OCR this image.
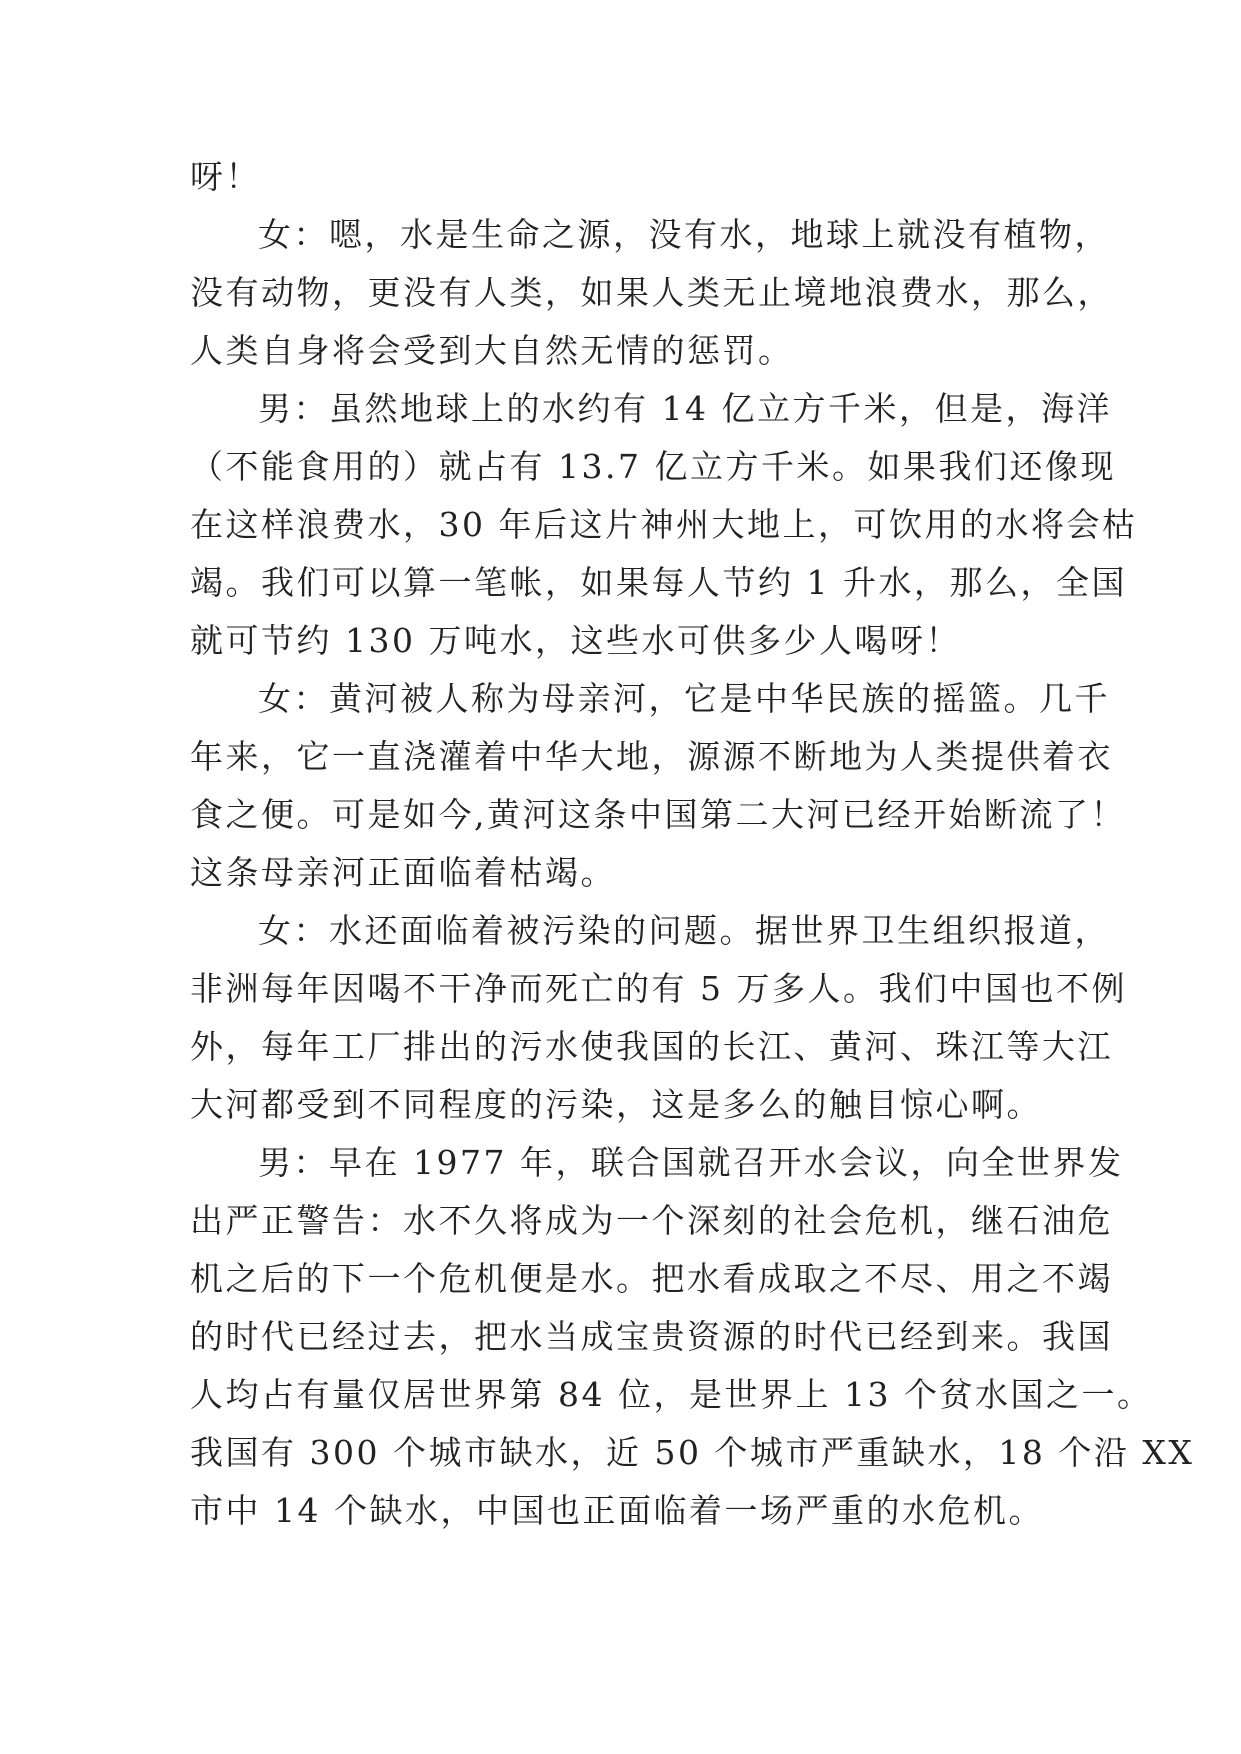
呀！
女：嗯，水是生命之源，没有水，地球上就没有植物，
没有动物，更没有人类，如果人类无止境地浪费水，那么，
人类自身将会受到大自然无情的惩罚。
男：虽然地球上的水约有 14 亿立方千米，但是，海洋
（不能食用的）就占有 13.7 亿立方千米。如果我们还像现
在这样浪费水，30 年后这片神州大地上，可饮用的水将会枯
竭。我们可以算一笔帐，如果每人节约 1 升水，那么，全国
就可节约 130 万吨水，这些水可供多少人喝呀！
女：黄河被人称为母亲河，它是中华民族的摇篮。几千
年来，它一直浇灌着中华大地，源源不断地为人类提供着衣
食之便。可是如今,黄河这条中国第二大河已经开始断流了！
这条母亲河正面临着枯竭。
女：水还面临着被污染的问题。据世界卫生组织报道，
非洲每年因喝不干净而死亡的有 5 万多人。我们中国也不例
外，每年工厂排出的污水使我国的长江、黄河、珠江等大江
大河都受到不同程度的污染，这是多么的触目惊心啊。
男：早在 1977 年，联合国就召开水会议，向全世界发
出严正警告：水不久将成为一个深刻的社会危机，继石油危
机之后的下一个危机便是水。把水看成取之不尽、用之不竭
的时代已经过去，把水当成宝贵资源的时代已经到来。我国
人均占有量仅居世界第 84 位，是世界上 13 个贫水国之一。
我国有 300 个城市缺水，近 50 个城市严重缺水，18 个沿 XX
市中 14 个缺水，中国也正面临着一场严重的水危机。
